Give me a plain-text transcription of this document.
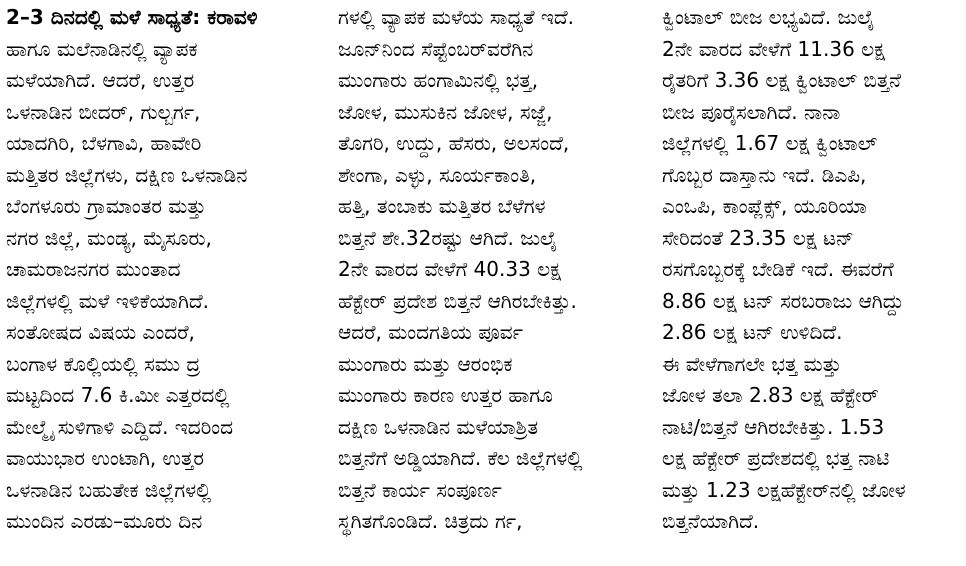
2–3 ದಿನದಲ್ಲಿ ಮಳೆ ಸಾಧ್ಯತೆ: ಕರಾವಳಿ
ಹಾಗೂ ಮಲೆನಾಡಿನಲ್ಲಿ ವ್ಯಾಪಕ
ಮಳೆಯಾಗಿದೆ. ಆದರೆ, ಉತ್ತರ
ಒಳನಾಡಿನ ಬೀದರ್, ಗುಲ್ಬರ್ಗ,
ಯಾದಗಿರಿ, ಬೆಳಗಾವಿ, ಹಾವೇರಿ
ಮತ್ತಿತರ ಜಿಲ್ಲೆಗಳು, ದಕ್ಷಿಣ ಒಳನಾಡಿನ
ಬೆಂಗಳೂರು ಗ್ರಾಮಾಂತರ ಮತ್ತು
ನಗರ ಜಿಲ್ಲೆ, ಮಂಡ್ಯ, ಮೈಸೂರು,
ಚಾಮರಾಜನಗರ ಮುಂತಾದ
ಜಿಲ್ಲೆಗಳಲ್ಲಿ ಮಳೆ ಇಳಿಕೆಯಾಗಿದೆ.
ಸಂತೋಷದ ವಿಷಯ ಎಂದರೆ,
ಬಂಗಾಳ ಕೊಲ್ಲಿಯಲ್ಲಿ ಸಮು ದ್ರ
ಮಟ್ಟದಿಂದ 7.6 ಕಿ.ಮೀ ಎತ್ತರದಲ್ಲಿ
ಮೇಲ್ಮೈ ಸುಳಿಗಾಳಿ ಎದ್ದಿದೆ. ಇದರಿಂದ
ವಾಯುಭಾರ ಉಂಟಾಗಿ, ಉತ್ತರ
ಒಳನಾಡಿನ ಬಹುತೇಕ ಜಿಲ್ಲೆಗಳಲ್ಲಿ
ಮುಂದಿನ ಎರಡು–ಮೂರು ದಿನ
ಗಳಲ್ಲಿ ವ್ಯಾಪಕ ಮಳೆಯ ಸಾಧ್ಯತೆ ಇದೆ.
ಜೂನ್‌ನಿಂದ ಸೆಪ್ಟೆಂಬರ್‌ವರೆಗಿನ
ಮುಂಗಾರು ಹಂಗಾಮಿನಲ್ಲಿ ಭತ್ತ,
ಜೋಳ, ಮುಸುಕಿನ ಜೋಳ, ಸಜ್ಜೆ,
ತೊಗರಿ, ಉದ್ದು, ಹೆಸರು, ಅಲಸಂದೆ,
ಶೇಂಗಾ, ಎಳ್ಳು, ಸೂರ್ಯಕಾಂತಿ,
ಹತ್ತಿ, ತಂಬಾಕು ಮತ್ತಿತರ ಬೆಳೆಗಳ
ಬಿತ್ತನೆ ಶೇ.32ರಷ್ಟು ಆಗಿದೆ. ಜುಲೈ
2ನೇ ವಾರದ ವೇಳೆಗೆ 40.33 ಲಕ್ಷ
ಹೆಕ್ಟೇರ್ ಪ್ರದೇಶ ಬಿತ್ತನೆ ಆಗಿರಬೇಕಿತ್ತು.
ಆದರೆ, ಮಂದಗತಿಯ ಪೂರ್ವ
ಮುಂಗಾರು ಮತ್ತು ಆರಂಭಿಕ
ಮುಂಗಾರು ಕಾರಣ ಉತ್ತರ ಹಾಗೂ
ದಕ್ಷಿಣ ಒಳನಾಡಿನ ಮಳೆಯಾಶ್ರಿತ
ಬಿತ್ತನೆಗೆ ಅಡ್ಡಿಯಾಗಿದೆ. ಕೆಲ ಜಿಲ್ಲೆಗಳಲ್ಲಿ
ಬಿತ್ತನೆ ಕಾರ್ಯ ಸಂಪೂರ್ಣ
ಸ್ಥಗಿತಗೊಂಡಿದೆ. ಚಿತ್ರದು ರ್ಗ,
ಕ್ವಿಂಟಾಲ್ ಬೀಜ ಲಭ್ಯವಿದೆ. ಜುಲೈ
2ನೇ ವಾರದ ವೇಳೆಗೆ 11.36 ಲಕ್ಷ
ರೈತರಿಗೆ 3.36 ಲಕ್ಷ ಕ್ವಿಂಟಾಲ್ ಬಿತ್ತನೆ
ಬೀಜ ಪೂರೈಸಲಾಗಿದೆ. ನಾನಾ
ಜಿಲ್ಲೆಗಳಲ್ಲಿ 1.67 ಲಕ್ಷ ಕ್ವಿಂಟಾಲ್
ಗೊಬ್ಬರ ದಾಸ್ತಾನು ಇದೆ. ಡಿಎಪಿ,
ಎಂಒಪಿ, ಕಾಂಪ್ಲೆಕ್ಸ್, ಯೂರಿಯಾ
ಸೇರಿದಂತೆ 23.35 ಲಕ್ಷ ಟನ್
ರಸಗೊಬ್ಬರಕ್ಕೆ ಬೇಡಿಕೆ ಇದೆ. ಈವರೆಗೆ
8.86 ಲಕ್ಷ ಟನ್ ಸರಬರಾಜು ಆಗಿದ್ದು
2.86 ಲಕ್ಷ ಟನ್ ಉಳಿದಿದೆ.
ಈ ವೇಳೆಗಾಗಲೇ ಭತ್ತ ಮತ್ತು
ಜೋಳ ತಲಾ 2.83 ಲಕ್ಷ ಹೆಕ್ಟೇರ್
ನಾಟಿ/ಬಿತ್ತನೆ ಆಗಿರಬೇಕಿತ್ತು. 1.53
ಲಕ್ಷ ಹೆಕ್ಟೇರ್ ಪ್ರದೇಶದಲ್ಲಿ ಭತ್ತ ನಾಟಿ
ಮತ್ತು 1.23 ಲಕ್ಷಹೆಕ್ಟೇರ್‌ನಲ್ಲಿ ಜೋಳ
ಬಿತ್ತನೆಯಾಗಿದೆ.
